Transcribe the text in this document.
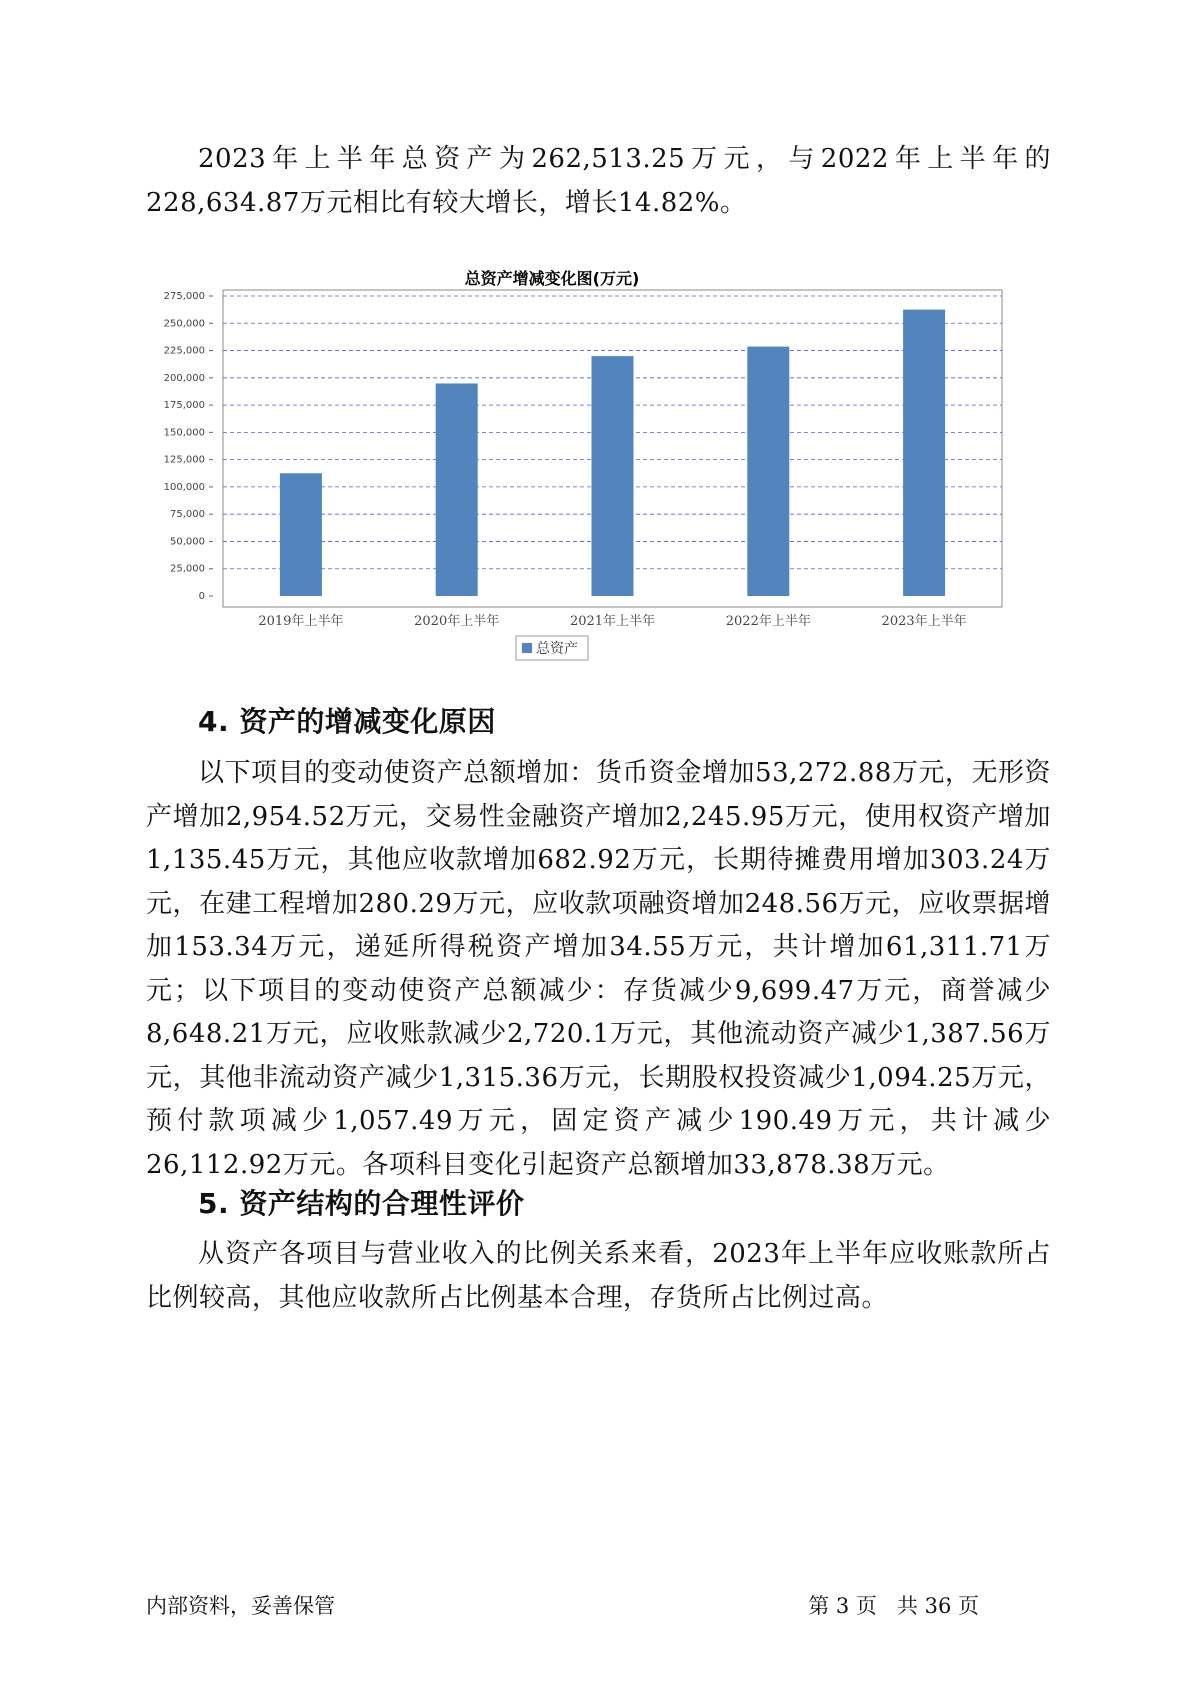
2023年上半年总资产为262,513.25万元，与2022年上半年的228,634.87万元相比有较大增长，增长14.82%。

总资产增减变化图(万元)
0
25,000
50,000
75,000
100,000
125,000
150,000
175,000
200,000
225,000
250,000
275,000
2019年上半年	2020年上半年	2021年上半年	2022年上半年	2023年上半年
总资产
4. 资产的增减变化原因

以下项目的变动使资产总额增加：货币资金增加53,272.88万元，无形资产增加2,954.52万元，交易性金融资产增加2,245.95万元，使用权资产增加1,135.45万元，其他应收款增加682.92万元，长期待摊费用增加303.24万元，在建工程增加280.29万元，应收款项融资增加248.56万元，应收票据增加153.34万元，递延所得税资产增加34.55万元，共计增加61,311.71万元；以下项目的变动使资产总额减少：存货减少9,699.47万元，商誉减少8,648.21万元，应收账款减少2,720.1万元，其他流动资产减少1,387.56万元，其他非流动资产减少1,315.36万元，长期股权投资减少1,094.25万元，预付款项减少1,057.49万元，固定资产减少190.49万元，共计减少26,112.92万元。各项科目变化引起资产总额增加33,878.38万元。

5. 资产结构的合理性评价

从资产各项目与营业收入的比例关系来看，2023年上半年应收账款所占比例较高，其他应收款所占比例基本合理，存货所占比例过高。

内部资料，妥善保管	第 3 页   共 36 页
